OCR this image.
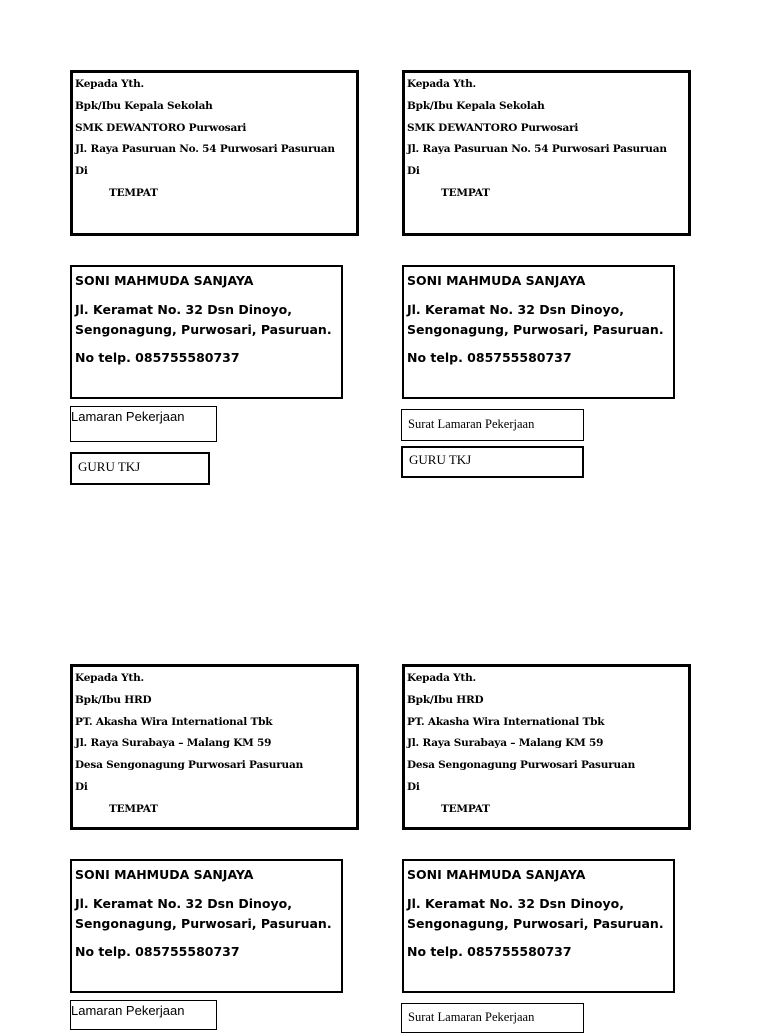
Kepada Yth.
Bpk/Ibu Kepala Sekolah
SMK DEWANTORO Purwosari
Jl. Raya Pasuruan No. 54 Purwosari Pasuruan
Di
TEMPAT
Kepada Yth.
Bpk/Ibu Kepala Sekolah
SMK DEWANTORO Purwosari
Jl. Raya Pasuruan No. 54 Purwosari Pasuruan
Di
TEMPAT
SONI MAHMUDA SANJAYA
Jl. Keramat No. 32 Dsn Dinoyo,
Sengonagung, Purwosari, Pasuruan.
No telp. 085755580737
SONI MAHMUDA SANJAYA
Jl. Keramat No. 32 Dsn Dinoyo,
Sengonagung, Purwosari, Pasuruan.
No telp. 085755580737
Lamaran Pekerjaan	Surat Lamaran Pekerjaan
GURU TKJ	GURU TKJ
Kepada Yth.
Bpk/Ibu HRD
PT. Akasha Wira International Tbk
Jl. Raya Surabaya – Malang KM 59
Desa Sengonagung Purwosari Pasuruan
Di
TEMPAT
Kepada Yth.
Bpk/Ibu HRD
PT. Akasha Wira International Tbk
Jl. Raya Surabaya – Malang KM 59
Desa Sengonagung Purwosari Pasuruan
Di
TEMPAT
SONI MAHMUDA SANJAYA
Jl. Keramat No. 32 Dsn Dinoyo,
Sengonagung, Purwosari, Pasuruan.
No telp. 085755580737
SONI MAHMUDA SANJAYA
Jl. Keramat No. 32 Dsn Dinoyo,
Sengonagung, Purwosari, Pasuruan.
No telp. 085755580737
Lamaran Pekerjaan	Surat Lamaran Pekerjaan
